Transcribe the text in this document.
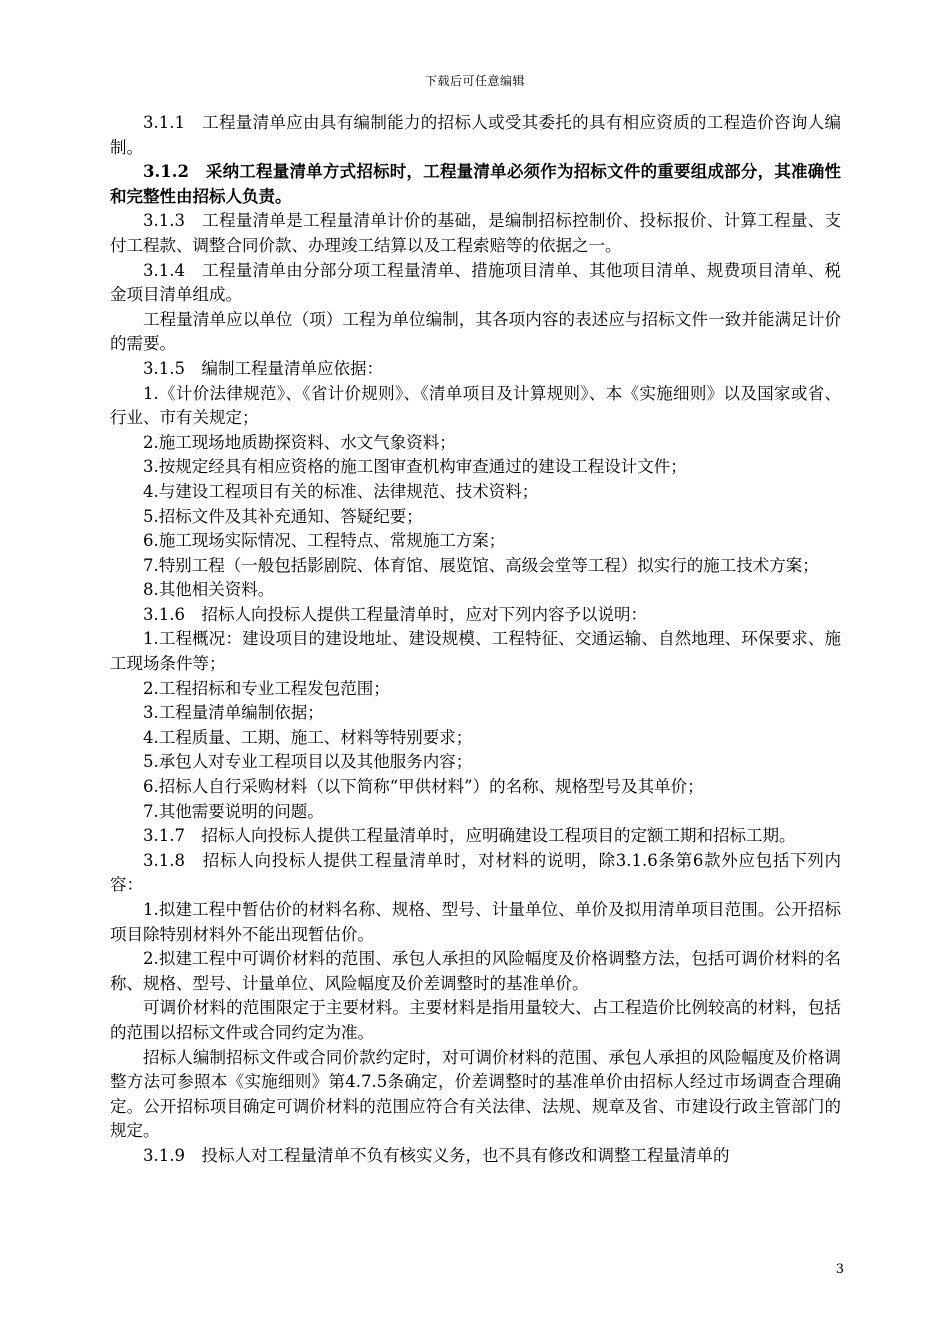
下载后可任意编辑

3.1.1　工程量清单应由具有编制能力的招标人或受其委托的具有相应资质的工程造价咨询人编制。

3.1.2　采纳工程量清单方式招标时，工程量清单必须作为招标文件的重要组成部分，其准确性和完整性由招标人负责。

3.1.3　工程量清单是工程量清单计价的基础，是编制招标控制价、投标报价、计算工程量、支付工程款、调整合同价款、办理竣工结算以及工程索赔等的依据之一。

3.1.4　工程量清单由分部分项工程量清单、措施项目清单、其他项目清单、规费项目清单、税金项目清单组成。

工程量清单应以单位（项）工程为单位编制，其各项内容的表述应与招标文件一致并能满足计价的需要。

3.1.5　编制工程量清单应依据：

1.《计价法律规范》、《省计价规则》、《清单项目及计算规则》、本《实施细则》以及国家或省、行业、市有关规定；

2.施工现场地质勘探资料、水文气象资料；

3.按规定经具有相应资格的施工图审查机构审查通过的建设工程设计文件；

4.与建设工程项目有关的标准、法律规范、技术资料；

5.招标文件及其补充通知、答疑纪要；

6.施工现场实际情况、工程特点、常规施工方案；

7.特别工程（一般包括影剧院、体育馆、展览馆、高级会堂等工程）拟实行的施工技术方案；

8.其他相关资料。

3.1.6　招标人向投标人提供工程量清单时，应对下列内容予以说明：

1.工程概况：建设项目的建设地址、建设规模、工程特征、交通运输、自然地理、环保要求、施工现场条件等；

2.工程招标和专业工程发包范围；

3.工程量清单编制依据；

4.工程质量、工期、施工、材料等特别要求；

5.承包人对专业工程项目以及其他服务内容；

6.招标人自行采购材料（以下简称“甲供材料”）的名称、规格型号及其单价；

7.其他需要说明的问题。

3.1.7　招标人向投标人提供工程量清单时，应明确建设工程项目的定额工期和招标工期。

3.1.8　招标人向投标人提供工程量清单时，对材料的说明，除3.1.6条第6款外应包括下列内容：

1.拟建工程中暂估价的材料名称、规格、型号、计量单位、单价及拟用清单项目范围。公开招标项目除特别材料外不能出现暂估价。

2.拟建工程中可调价材料的范围、承包人承担的风险幅度及价格调整方法，包括可调价材料的名称、规格、型号、计量单位、风险幅度及价差调整时的基准单价。

可调价材料的范围限定于主要材料。主要材料是指用量较大、占工程造价比例较高的材料，包括的范围以招标文件或合同约定为准。

招标人编制招标文件或合同价款约定时，对可调价材料的范围、承包人承担的风险幅度及价格调整方法可参照本《实施细则》第4.7.5条确定，价差调整时的基准单价由招标人经过市场调查合理确定。公开招标项目确定可调价材料的范围应符合有关法律、法规、规章及省、市建设行政主管部门的规定。

3.1.9　投标人对工程量清单不负有核实义务，也不具有修改和调整工程量清单的

3
